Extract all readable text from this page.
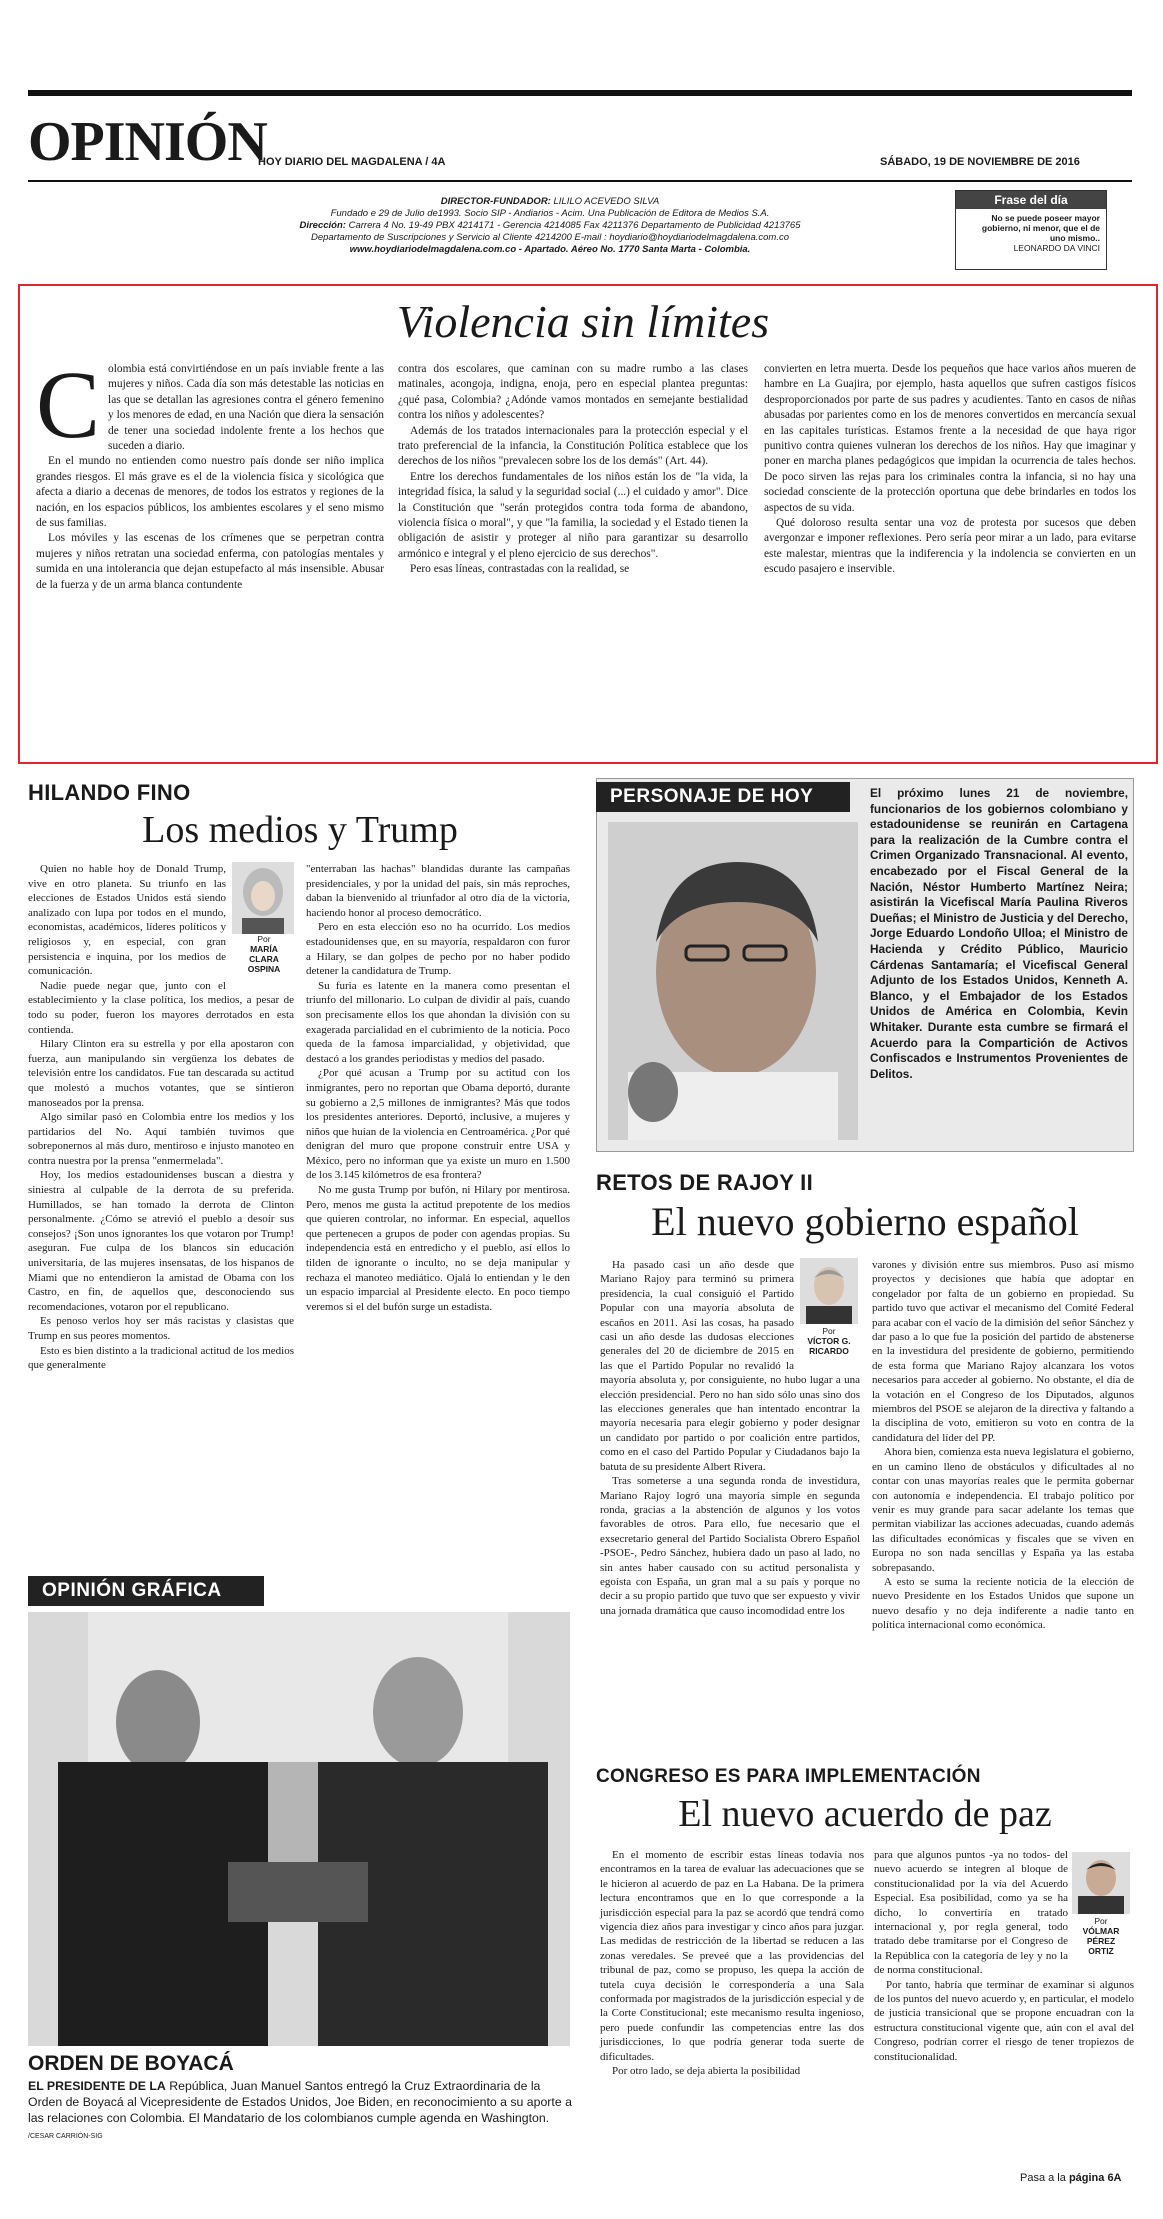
OPINIÓN
HOY DIARIO DEL MAGDALENA / 4A	SÁBADO, 19 DE NOVIEMBRE DE 2016
DIRECTOR-FUNDADOR: LILILO ACEVEDO SILVA
Fundado e 29 de Julio de1993. Socio SIP - Andiarios - Acim. Una Publicación de Editora de Medios S.A.
Dirección: Carrera 4 No. 19-49 PBX 4214171 - Gerencia 4214085 Fax 4211376 Departamento de Publicidad 4213765
Departamento de Suscripciones y Servicio al Cliente 4214200 E-mail : hoydiario@hoydiariodelmagdalena.com.co
www.hoydiariodelmagdalena.com.co - Apartado. Aéreo No. 1770 Santa Marta - Colombia.
Frase del día
No se puede poseer mayor gobierno, ni menor, que el de uno mismo..
LEONARDO DA VINCI
Violencia sin límites
C olombia está convirtiéndose en un país inviable frente a las mujeres y niños. Cada día son más detestable las noticias en las que se detallan las agresiones contra el género femenino y los menores de edad, en una Nación que diera la sensación de tener una sociedad indolente frente a los hechos que suceden a diario.

En el mundo no entienden como nuestro país donde ser niño implica grandes riesgos. El más grave es el de la violencia física y sicológica que afecta a diario a decenas de menores, de todos los estratos y regiones de la nación, en los espacios públicos, los ambientes escolares y el seno mismo de sus familias.

Los móviles y las escenas de los crímenes que se perpetran contra mujeres y niños retratan una sociedad enferma, con patologías mentales y sumida en una intolerancia que dejan estupefacto al más insensible. Abusar de la fuerza y de un arma blanca contundente

contra dos escolares, que caminan con su madre rumbo a las clases matinales, acongoja, indigna, enoja, pero en especial plantea preguntas: ¿qué pasa, Colombia? ¿Adónde vamos montados en semejante bestialidad contra los niños y adolescentes?

Además de los tratados internacionales para la protección especial y el trato preferencial de la infancia, la Constitución Política establece que los derechos de los niños "prevalecen sobre los de los demás" (Art. 44).

Entre los derechos fundamentales de los niños están los de "la vida, la integridad física, la salud y la seguridad social (...) el cuidado y amor". Dice la Constitución que "serán protegidos contra toda forma de abandono, violencia física o moral", y que "la familia, la sociedad y el Estado tienen la obligación de asistir y proteger al niño para garantizar su desarrollo armónico e integral y el pleno ejercicio de sus derechos".

Pero esas líneas, contrastadas con la realidad, se

convierten en letra muerta. Desde los pequeños que hace varios años mueren de hambre en La Guajira, por ejemplo, hasta aquellos que sufren castigos físicos desproporcionados por parte de sus padres y acudientes. Tanto en casos de niñas abusadas por parientes como en los de menores convertidos en mercancía sexual en las capitales turísticas. Estamos frente a la necesidad de que haya rigor punitivo contra quienes vulneran los derechos de los niños. Hay que imaginar y poner en marcha planes pedagógicos que impidan la ocurrencia de tales hechos. De poco sirven las rejas para los criminales contra la infancia, si no hay una sociedad consciente de la protección oportuna que debe brindarles en todos los aspectos de su vida.

Qué doloroso resulta sentar una voz de protesta por sucesos que deben avergonzar e imponer reflexiones. Pero sería peor mirar a un lado, para evitarse este malestar, mientras que la indiferencia y la indolencia se convierten en un escudo pasajero e inservible.

HILANDO FINO
Los medios y Trump
Por
MARÍA
CLARA
OSPINA

Quien no hable hoy de Donald Trump, vive en otro planeta. Su triunfo en las elecciones de Estados Unidos está siendo analizado con lupa por todos en el mundo, economistas, académicos, líderes políticos y religiosos y, en especial, con gran persistencia e inquina, por los medios de comunicación.

Nadie puede negar que, junto con el establecimiento y la clase política, los medios, a pesar de todo su poder, fueron los mayores derrotados en esta contienda.

Hilary Clinton era su estrella y por ella apostaron con fuerza, aun manipulando sin vergüenza los debates de televisión entre los candidatos. Fue tan descarada su actitud que molestó a muchos votantes, que se sintieron manoseados por la prensa.

Algo similar pasó en Colombia entre los medios y los partidarios del No. Aquí también tuvimos que sobreponernos al más duro, mentiroso e injusto manoteo en contra nuestra por la prensa "enmermelada".

Hoy, los medios estadounidenses buscan a diestra y siniestra al culpable de la derrota de su preferida. Humillados, se han tomado la derrota de Clinton personalmente. ¿Cómo se atrevió el pueblo a desoír sus consejos? ¡Son unos ignorantes los que votaron por Trump! aseguran. Fue culpa de los blancos sin educación universitaria, de las mujeres insensatas, de los hispanos de Miami que no entendieron la amistad de Obama con los Castro, en fin, de aquellos que, desconociendo sus recomendaciones, votaron por el republicano.

Es penoso verlos hoy ser más racistas y clasistas que Trump en sus peores momentos.

Esto es bien distinto a la tradicional actitud de los medios que generalmente

"enterraban las hachas" blandidas durante las campañas presidenciales, y por la unidad del país, sin más reproches, daban la bienvenido al triunfador al otro día de la victoria, haciendo honor al proceso democrático.

Pero en esta elección eso no ha ocurrido. Los medios estadounidenses que, en su mayoría, respaldaron con furor a Hilary, se dan golpes de pecho por no haber podido detener la candidatura de Trump.

Su furia es latente en la manera como presentan el triunfo del millonario. Lo culpan de dividir al país, cuando son precisamente ellos los que ahondan la división con su exagerada parcialidad en el cubrimiento de la noticia. Poco queda de la famosa imparcialidad, y objetividad, que destacó a los grandes periodistas y medios del pasado.

¿Por qué acusan a Trump por su actitud con los inmigrantes, pero no reportan que Obama deportó, durante su gobierno a 2,5 millones de inmigrantes? Más que todos los presidentes anteriores. Deportó, inclusive, a mujeres y niños que huían de la violencia en Centroamérica. ¿Por qué denigran del muro que propone construir entre USA y México, pero no informan que ya existe un muro en 1.500 de los 3.145 kilómetros de esa frontera?

No me gusta Trump por bufón, ni Hilary por mentirosa. Pero, menos me gusta la actitud prepotente de los medios que quieren controlar, no informar. En especial, aquellos que pertenecen a grupos de poder con agendas propias. Su independencia está en entredicho y el pueblo, así ellos lo tilden de ignorante o inculto, no se deja manipular y rechaza el manoteo mediático. Ojalá lo entiendan y le den un espacio imparcial al Presidente electo. En poco tiempo veremos si el del bufón surge un estadista.

OPINIÓN GRÁFICA
ORDEN DE BOYACÁ
EL PRESIDENTE DE LA República, Juan Manuel Santos entregó la Cruz Extraordinaria de la Orden de Boyacá al Vicepresidente de Estados Unidos, Joe Biden, en reconocimiento a su aporte a las relaciones con Colombia. El Mandatario de los colombianos cumple agenda en Washington. /CESAR CARRIÓN-SIG
PERSONAJE DE HOY	El próximo lunes 21 de noviembre, funcionarios de los gobiernos colombiano y estadounidense se reunirán en Cartagena para la realización de la Cumbre contra el Crimen Organizado Transnacional. Al evento, encabezado por el Fiscal General de la Nación, Néstor Humberto Martínez Neira; asistirán la Vicefiscal María Paulina Riveros Dueñas; el Ministro de Justicia y del Derecho, Jorge Eduardo Londoño Ulloa; el Ministro de Hacienda y Crédito Público, Mauricio Cárdenas Santamaría; el Vicefiscal General Adjunto de los Estados Unidos, Kenneth A. Blanco, y el Embajador de los Estados Unidos de América en Colombia, Kevin Whitaker. Durante esta cumbre se firmará el Acuerdo para la Compartición de Activos Confiscados e Instrumentos Provenientes de Delitos.
RETOS DE RAJOY II
El nuevo gobierno español
Por
VÍCTOR G.
RICARDO

Ha pasado casi un año desde que Mariano Rajoy para terminó su primera presidencia, la cual consiguió el Partido Popular con una mayoría absoluta de escaños en 2011. Así las cosas, ha pasado casi un año desde las dudosas elecciones generales del 20 de diciembre de 2015 en las que el Partido Popular no revalidó la mayoría absoluta y, por consiguiente, no hubo lugar a una elección presidencial. Pero no han sido sólo unas sino dos las elecciones generales que han intentado encontrar la mayoría necesaria para elegir gobierno y poder designar un candidato por partido o por coalición entre partidos, como en el caso del Partido Popular y Ciudadanos bajo la batuta de su presidente Albert Rivera.

Tras someterse a una segunda ronda de investidura, Mariano Rajoy logró una mayoría simple en segunda ronda, gracias a la abstención de algunos y los votos favorables de otros. Para ello, fue necesario que el exsecretario general del Partido Socialista Obrero Español -PSOE-, Pedro Sánchez, hubiera dado un paso al lado, no sin antes haber causado con su actitud personalista y egoísta con España, un gran mal a su país y porque no decir a su propio partido que tuvo que ser expuesto y vivir una jornada dramática que causo incomodidad entre los

varones y división entre sus miembros. Puso así mismo proyectos y decisiones que había que adoptar en congelador por falta de un gobierno en propiedad. Su partido tuvo que activar el mecanismo del Comité Federal para acabar con el vacío de la dimisión del señor Sánchez y dar paso a lo que fue la posición del partido de abstenerse en la investidura del presidente de gobierno, permitiendo de esta forma que Mariano Rajoy alcanzara los votos necesarios para acceder al gobierno. No obstante, el día de la votación en el Congreso de los Diputados, algunos miembros del PSOE se alejaron de la directiva y faltando a la disciplina de voto, emitieron su voto en contra de la candidatura del líder del PP.

Ahora bien, comienza esta nueva legislatura el gobierno, en un camino lleno de obstáculos y dificultades al no contar con unas mayorías reales que le permita gobernar con autonomía e independencia. El trabajo político por venir es muy grande para sacar adelante los temas que permitan viabilizar las acciones adecuadas, cuando además las dificultades económicas y fiscales que se viven en Europa no son nada sencillas y España ya las estaba sobrepasando.

A esto se suma la reciente noticia de la elección de nuevo Presidente en los Estados Unidos que supone un nuevo desafío y no deja indiferente a nadie tanto en política internacional como económica.

CONGRESO ES PARA IMPLEMENTACIÓN
El nuevo acuerdo de paz

En el momento de escribir estas líneas todavía nos encontramos en la tarea de evaluar las adecuaciones que se le hicieron al acuerdo de paz en La Habana. De la primera lectura encontramos que en lo que corresponde a la jurisdicción especial para la paz se acordó que tendrá como vigencia diez años para investigar y cinco años para juzgar. Las medidas de restricción de la libertad se reducen a las zonas veredales. Se preveé que a las providencias del tribunal de paz, como se propuso, les quepa la acción de tutela cuya decisión le correspondería a una Sala conformada por magistrados de la jurisdicción especial y de la Corte Constitucional; este mecanismo resulta ingenioso, pero puede confundir las competencias entre las dos jurisdicciones, lo que podría generar toda suerte de dificultades.

Por otro lado, se deja abierta la posibilidad

Por
VÓLMAR
PÉREZ
ORTIZ

para que algunos puntos -ya no todos- del nuevo acuerdo se integren al bloque de constitucionalidad por la vía del Acuerdo Especial. Esa posibilidad, como ya se ha dicho, lo convertiría en tratado internacional y, por regla general, todo tratado debe tramitarse por el Congreso de la República con la categoría de ley y no la de norma constitucional.

Por tanto, habría que terminar de examinar si algunos de los puntos del nuevo acuerdo y, en particular, el modelo de justicia transicional que se propone encuadran con la estructura constitucional vigente que, aún con el aval del Congreso, podrían correr el riesgo de tener tropiezos de constitucionalidad.

Pasa a la página 6A
